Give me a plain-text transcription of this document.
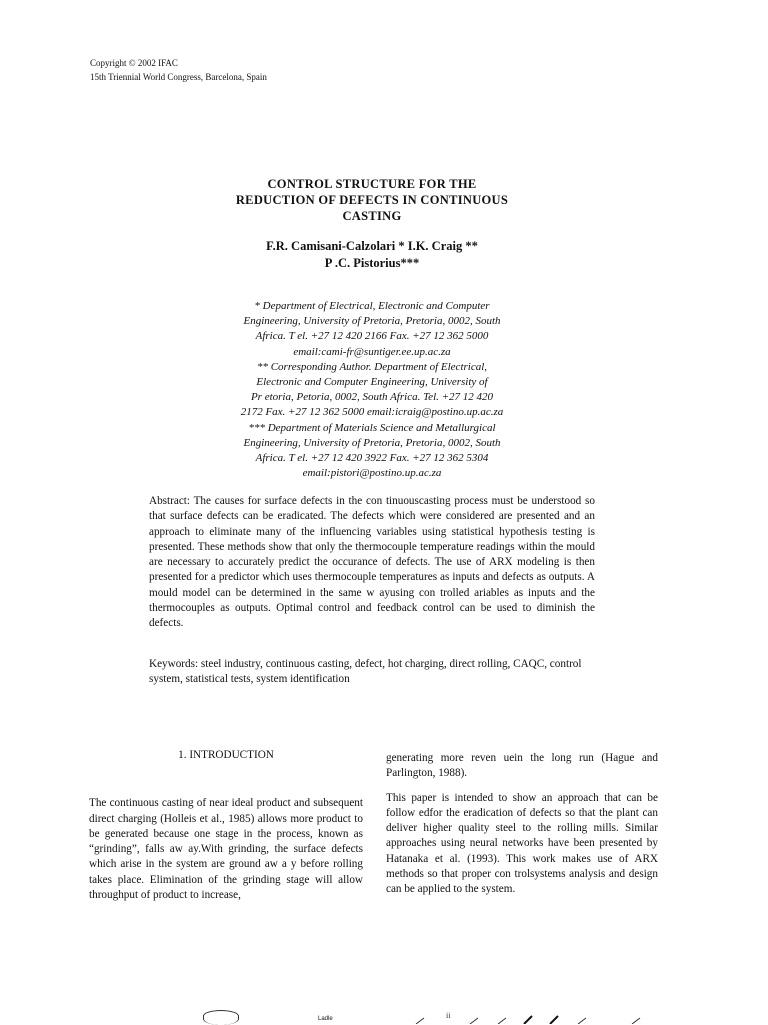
Copyright © 2002 IFAC
15th Triennial World Congress, Barcelona, Spain
CONTROL STRUCTURE FOR THE
REDUCTION OF DEFECTS IN CONTINUOUS
CASTING
F.R. Camisani-Calzolari * I.K. Craig **
P .C. Pistorius***
* Department of Electrical, Electronic and Computer
Engineering, University of Pretoria, Pretoria, 0002, South
Africa. T el. +27 12 420 2166 Fax. +27 12 362 5000
email:cami-fr@suntiger.ee.up.ac.za
** Corresponding Author. Department of Electrical,
Electronic and Computer Engineering, University of
Pr etoria, Petoria, 0002, South Africa. Tel. +27 12 420
2172 Fax. +27 12 362 5000 email:icraig@postino.up.ac.za
*** Department of Materials Science and Metallurgical
Engineering, University of Pretoria, Pretoria, 0002, South
Africa. T el. +27 12 420 3922 Fax. +27 12 362 5304
email:pistori@postino.up.ac.za

Abstract: The causes for surface defects in the con tinuouscasting process must be understood so that surface defects can be eradicated. The defects which were considered are presented and an approach to eliminate many of the influencing variables using statistical hypothesis testing is presented. These methods show that only the thermocouple temperature readings within the mould are necessary to accurately predict the occurance of defects. The use of ARX modeling is then presented for a predictor which uses thermocouple temperatures as inputs and defects as outputs. A mould model can be determined in the same w ayusing con trolled ariables as inputs and the thermocouples as outputs. Optimal control and feedback control can be used to diminish the defects.

Keywords: steel industry, continuous casting, defect, hot charging, direct rolling, CAQC, control system, statistical tests, system identification

1. INTRODUCTION

The continuous casting of near ideal product and subsequent direct charging (Holleis et al., 1985) allows more product to be generated because one stage in the process, known as “grinding”, falls aw ay.With grinding, the surface defects which arise in the system are ground aw a y before rolling takes place. Elimination of the grinding stage will allow throughput of product to increase,

generating more reven uein the long run (Hague and Parlington, 1988).

This paper is intended to show an approach that can be follow edfor the eradication of defects so that the plant can deliver higher quality steel to the rolling mills. Similar approaches using neural networks have been presented by Hatanaka et al. (1993). This work makes use of ARX methods so that proper con trolsystems analysis and design can be applied to the system.

Ladle	ii
